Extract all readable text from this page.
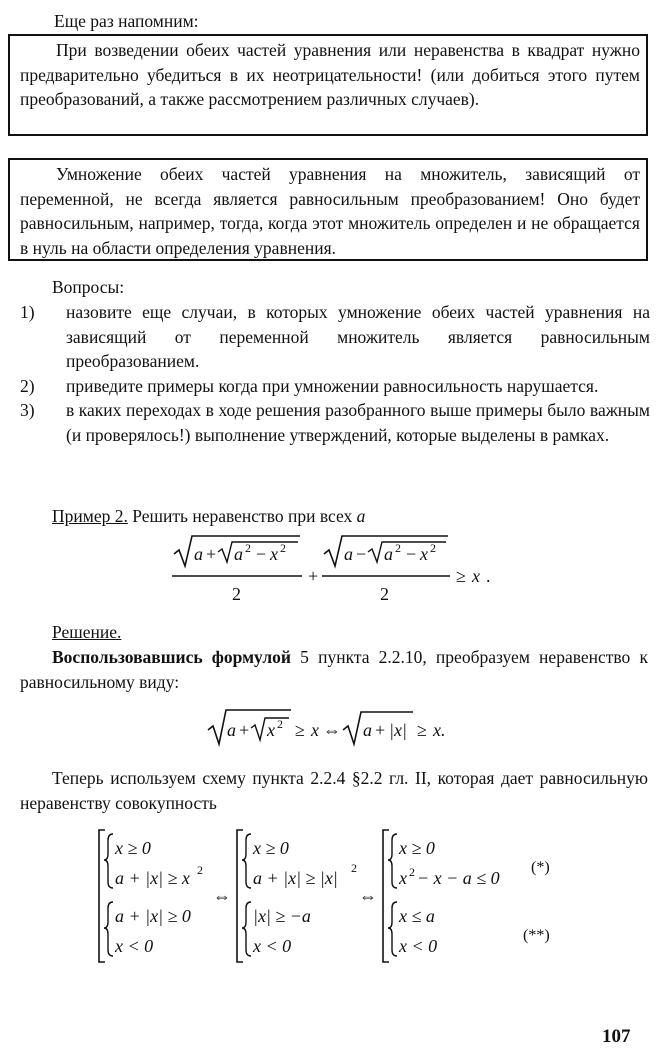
Еще раз напомним:

При возведении обеих частей уравнения или неравенства в квадрат нужно предварительно убедиться в их неотрицательности! (или добиться этого путем преобразований, а также рассмотрением различных случаев).

Умножение обеих частей уравнения на множитель, зависящий от переменной, не всегда является равносильным преобразованием! Оно будет равносильным, например, тогда, когда этот множитель определен и не обращается в нуль на области определения уравнения.

Вопросы:
1) назовите еще случаи, в которых умножение обеих частей уравнения на зависящий от переменной множитель является равносильным преобразованием.
2) приведите примеры когда при умножении равносильность нарушается.
3) в каких переходах в ходе решения разобранного выше примеры было важным (и проверялось!) выполнение утверждений, которые выделены в рамках.
Пример 2. Решить неравенство при всех a
a + a 2 − x 2
2
+
a − a 2 − x 2
2
≥ x .
Решение.
Воспользовавшись формулой 5 пункта 2.2.10, преобразуем неравенство к равносильному виду:
a + x 2 ≥ x ⇔ a + |x| ≥ x.
Теперь используем схему пункта 2.2.4 §2.2 гл. II, которая дает равносильную неравенству совокупность
x ≥ 0
a + |x| ≥ x 2
a + |x| ≥ 0
x < 0
⇔
x ≥ 0
a + |x| ≥ |x| 2
|x| ≥ −a
x < 0
⇔
x ≥ 0
x 2 − x − a ≤ 0
x ≤ a
x < 0
(*)
(**)
107
